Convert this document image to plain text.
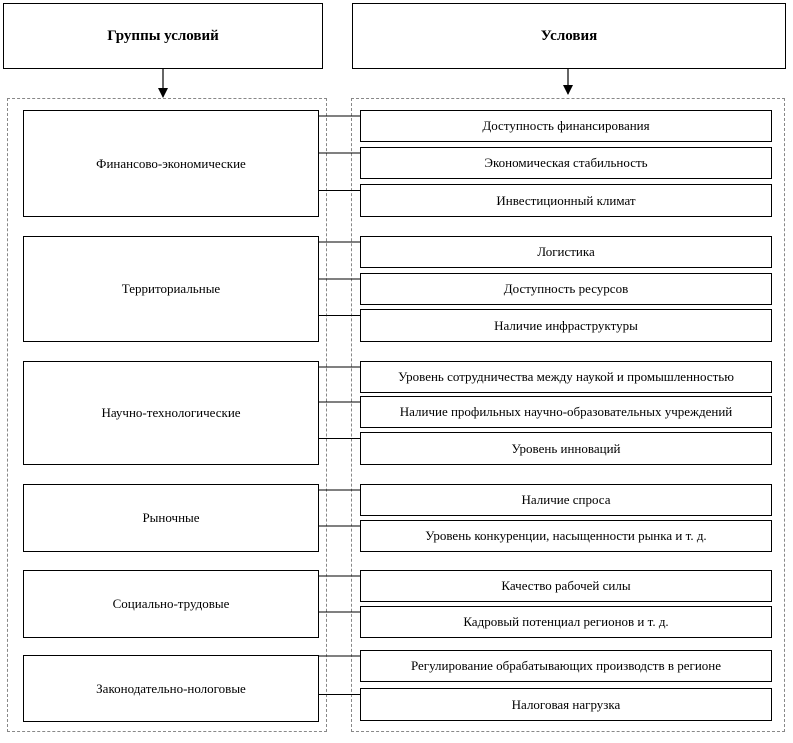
Группы условий	Условия
Финансово-экономические
Территориальные
Научно-технологические
Рыночные
Социально-трудовые
Законодательно-нологовые
Доступность финансирования
Экономическая стабильность
Инвестиционный климат
Логистика
Доступность ресурсов
Наличие инфраструктуры
Уровень сотрудничества между наукой и промышленностью
Наличие профильных научно-образовательных учреждений
Уровень инноваций
Наличие спроса
Уровень конкуренции, насыщенности рынка и т. д.
Качество рабочей силы
Кадровый потенциал регионов и т. д.
Регулирование обрабатывающих производств в регионе
Налоговая нагрузка
